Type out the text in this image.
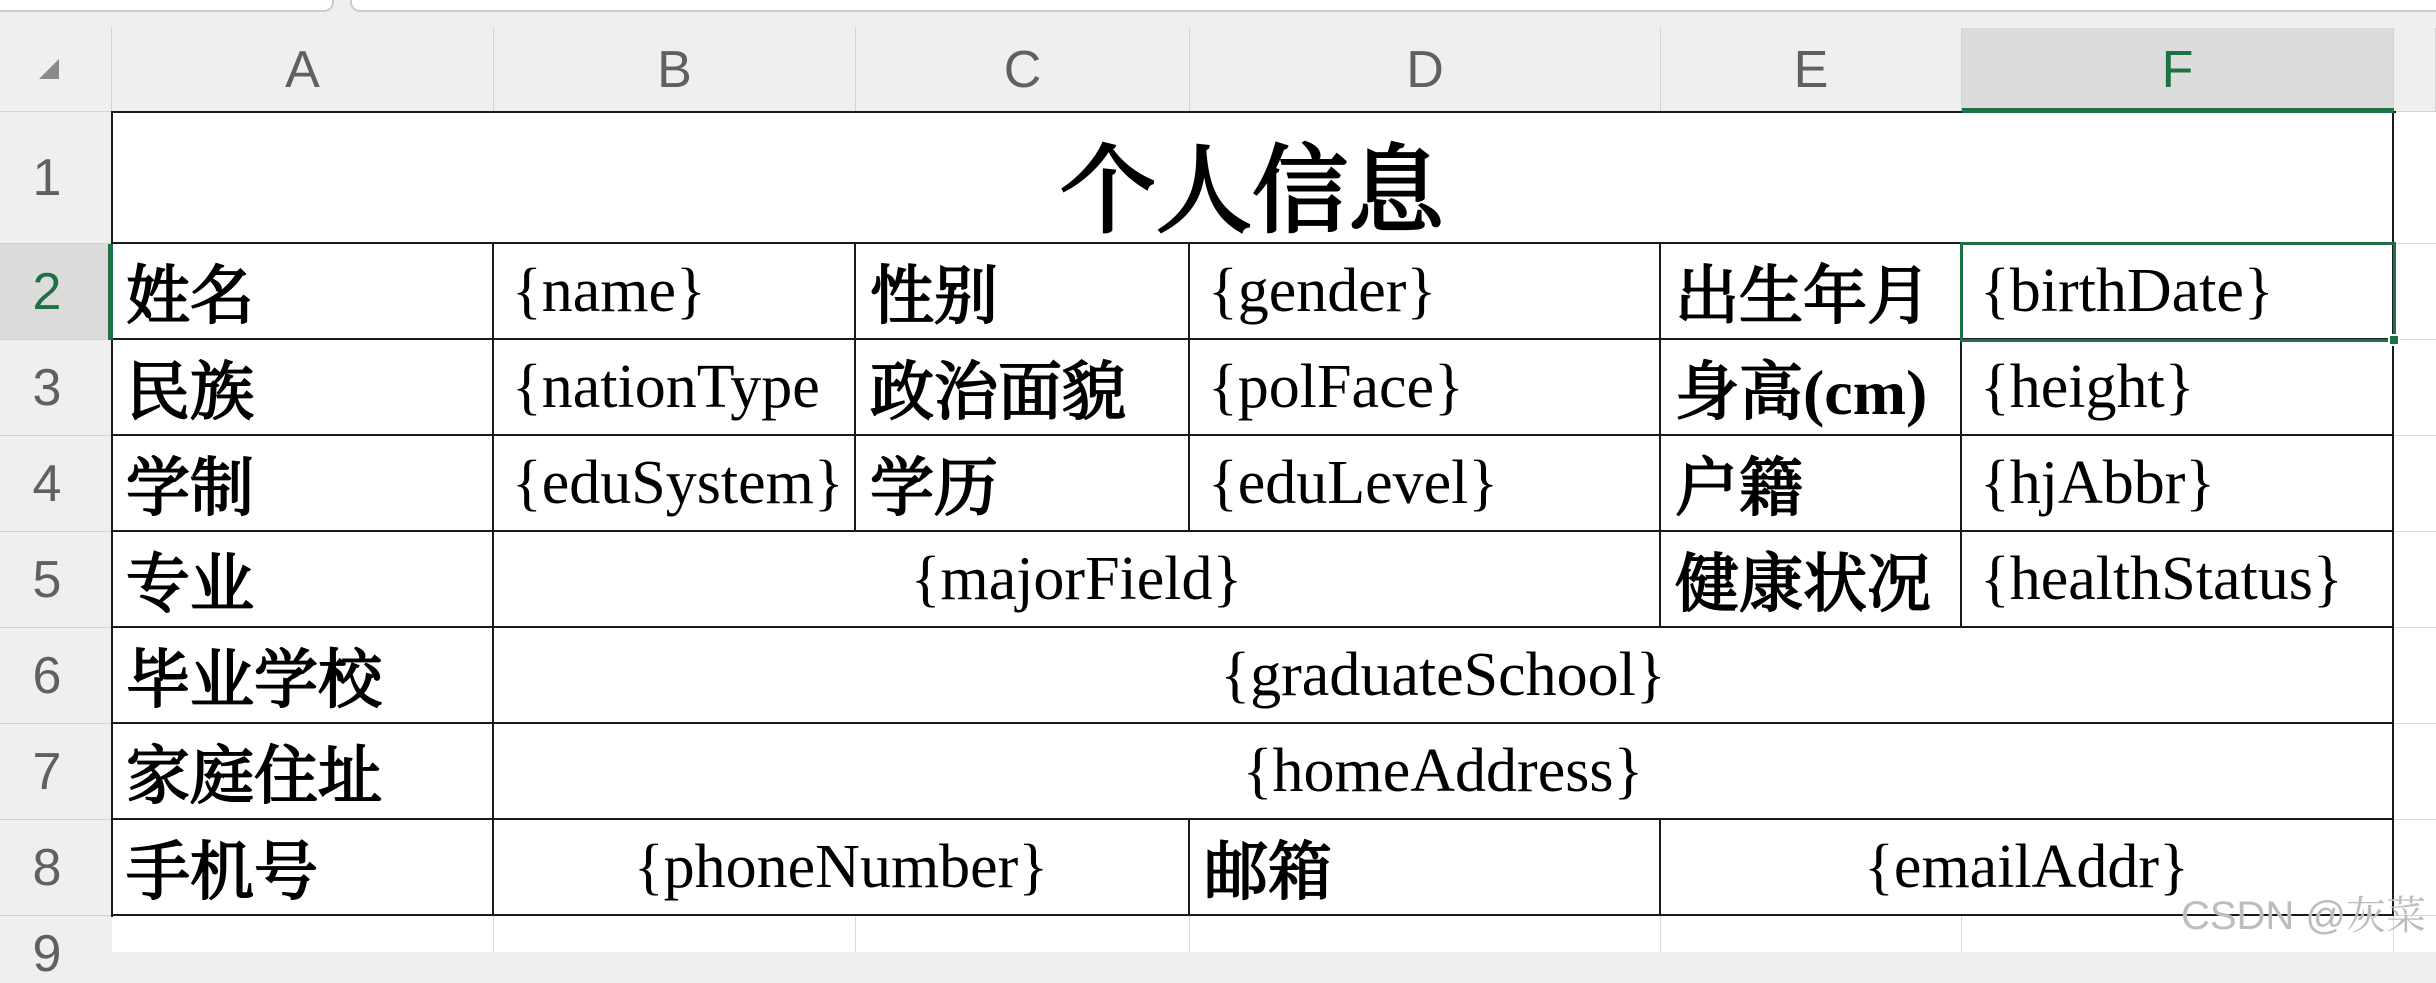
A	B	C	D	E	F
1
2
3
4
5
6
7
8
9
个人信息
姓名	{name}	性别	{gender}	出生年月 {birthDate}
民族	{nationType 政治面貌	{polFace}	身高(cm) {height}
学制	{eduSystem} 学历	{eduLevel}	户籍	{hjAbbr}
专业	{majorField}	健康状况 {healthStatus}
毕业学校	{graduateSchool}
家庭住址	{homeAddress}
手机号	{phoneNumber}	邮箱	{emailAddr}
CSDN @灰菜
